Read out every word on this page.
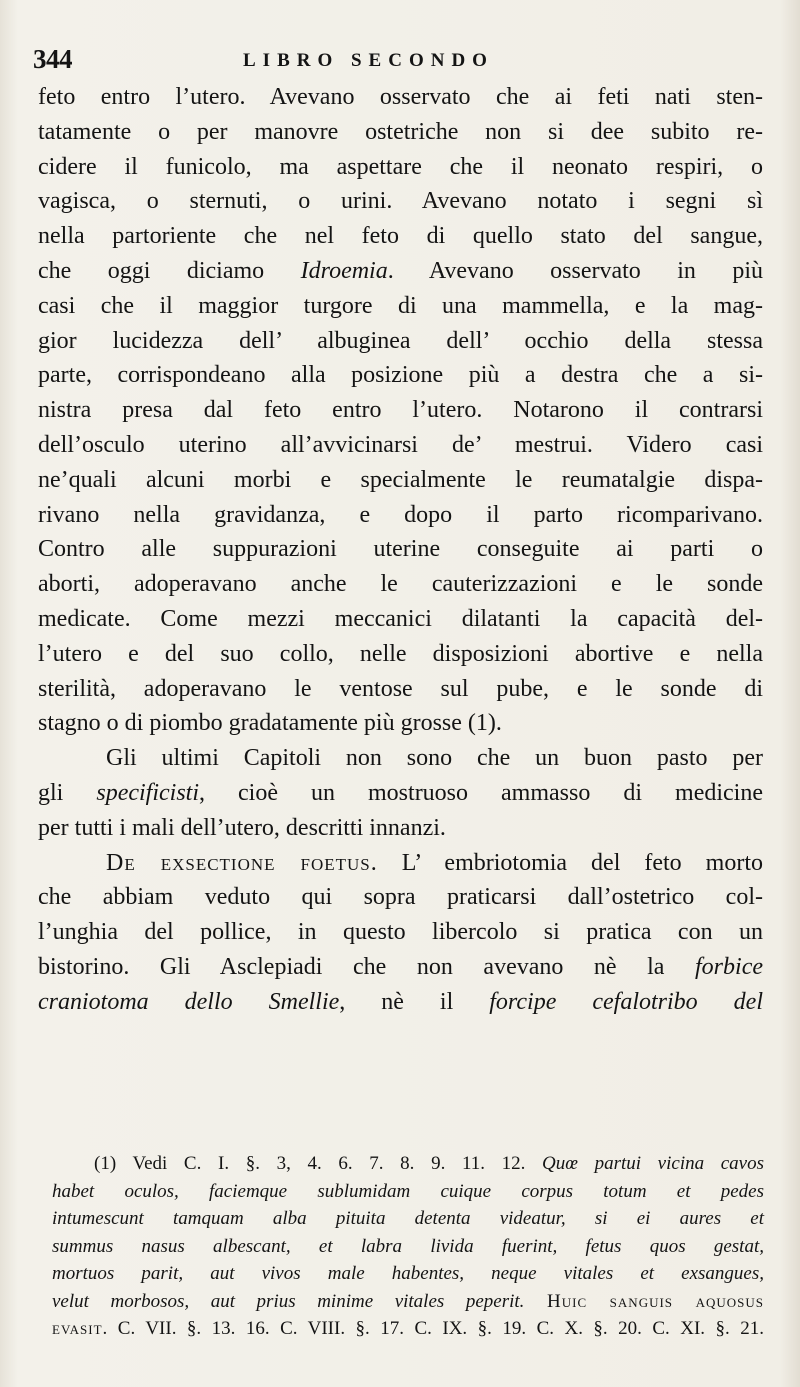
344	LIBRO SECONDO
feto entro l’utero. Avevano osservato che ai feti nati sten-
tatamente o per manovre ostetriche non si dee subito re-
cidere il funicolo, ma aspettare che il neonato respiri, o
vagisca, o sternuti, o urini. Avevano notato i segni sì
nella partoriente che nel feto di quello stato del sangue,
che oggi diciamo Idroemia. Avevano osservato in più
casi che il maggior turgore di una mammella, e la mag-
gior lucidezza dell’ albuginea dell’ occhio della stessa
parte, corrispondeano alla posizione più a destra che a si-
nistra presa dal feto entro l’utero. Notarono il contrarsi
dell’osculo uterino all’avvicinarsi de’ mestrui. Videro casi
ne’quali alcuni morbi e specialmente le reumatalgie dispa-
rivano nella gravidanza, e dopo il parto ricomparivano.
Contro alle suppurazioni uterine conseguite ai parti o
aborti, adoperavano anche le cauterizzazioni e le sonde
medicate. Come mezzi meccanici dilatanti la capacità del-
l’utero e del suo collo, nelle disposizioni abortive e nella
sterilità, adoperavano le ventose sul pube, e le sonde di
stagno o di piombo gradatamente più grosse (1).
Gli ultimi Capitoli non sono che un buon pasto per
gli specificisti, cioè un mostruoso ammasso di medicine
per tutti i mali dell’utero, descritti innanzi.
De exsectione foetus. L’ embriotomia del feto morto
che abbiam veduto qui sopra praticarsi dall’ostetrico col-
l’unghia del pollice, in questo libercolo si pratica con un
bistorino. Gli Asclepiadi che non avevano nè la forbice
craniotoma dello Smellie, nè il forcipe cefalotribo del
(1) Vedi C. I. §. 3, 4. 6. 7. 8. 9. 11. 12. Quœ partui vicina cavos
habet oculos, faciemque sublumidam cuique corpus totum et pedes
intumescunt tamquam alba pituita detenta videatur, si ei aures et
summus nasus albescant, et labra livida fuerint, fetus quos gestat,
mortuos parit, aut vivos male habentes, neque vitales et exsangues,
velut morbosos, aut prius minime vitales peperit. Huic sanguis aquosus
evasit. C. VII. §. 13. 16. C. VIII. §. 17. C. IX. §. 19. C. X. §. 20. C. XI. §. 21.
